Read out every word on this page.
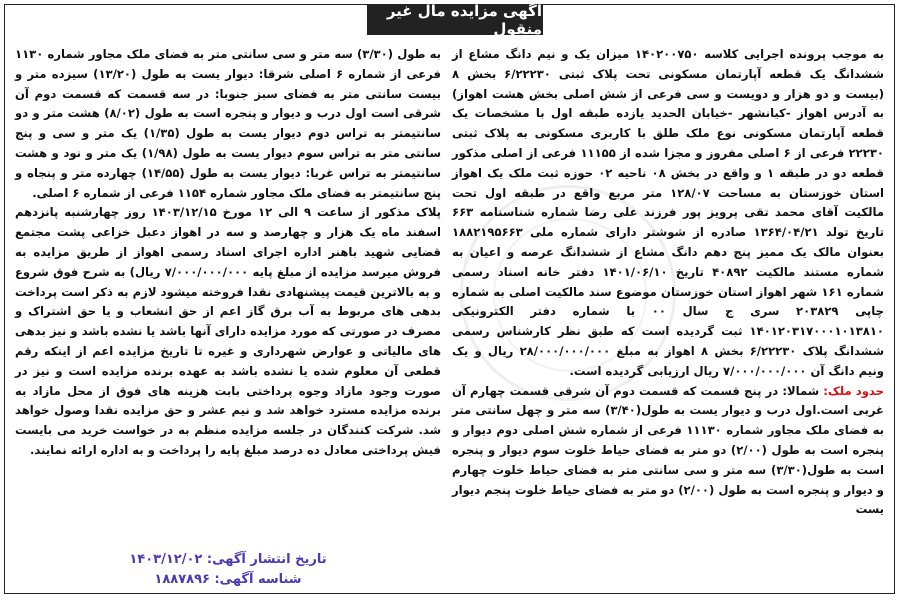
آگهی مزایده مال غیر منقول

به موجب پرونده اجرایی کلاسه ۱۴۰۲۰۰۷۵۰ میزان یک و نیم دانگ مشاع از ششدانگ یک قطعه آپارتمان مسکونی تحت پلاک ثبتی ۶/۲۲۲۳۰ بخش ۸ (بیست و دو هزار و دویست و سی فرعی از شش اصلی بخش هشت اهواز) به آدرس اهواز -کیانشهر -خیابان الحدید یازده طبقه اول با مشخصات یک قطعه آپارتمان مسکونی نوع ملک طلق با کاربری مسکونی به پلاک ثبتی ۲۲۲۳۰ فرعی از ۶ اصلی مفروز و مجزا شده از ۱۱۱۵۵ فرعی از اصلی مذکور قطعه دو در طبقه ۱ و واقع در بخش ۰۸ ناحیه ۰۲ حوزه ثبت ملک یک اهواز استان خوزستان به مساحت ۱۲۸/۰۷ متر مربع واقع در طبقه اول تحت مالکیت آقای محمد تقی پرویز پور فرزند علی رضا شماره شناسنامه ۶۶۳ تاریخ تولد ۱۳۶۴/۰۴/۲۱ صادره از شوشتر دارای شماره ملی ۱۸۸۲۱۹۵۶۶۳ بعنوان مالک یک ممیز پنج دهم دانگ مشاع از ششدانگ عرصه و اعیان به شماره مستند مالکیت ۴۰۸۹۲ تاریخ ۱۴۰۱/۰۶/۱۰ دفتر خانه اسناد رسمی شماره ۱۶۱ شهر اهواز استان خوزستان موضوع سند مالکیت اصلی به شماره چاپی ۲۰۳۸۲۹ سری ج سال ۰۰ با شماره دفتر الکترونیکی ۱۴۰۱۲۰۳۱۷۰۰۰۱۰۱۳۸۱۰ ثبت گردیده است که طبق نظر کارشناس رسمی ششدانگ پلاک ۶/۲۲۲۳۰ بخش ۸ اهواز به مبلغ ۲۸/۰۰۰/۰۰۰/۰۰۰ ریال و یک ونیم دانگ آن ۷/۰۰۰/۰۰۰/۰۰۰ ریال ارزیابی گردیده است.

حدود ملک: شمالا: در پنج قسمت که قسمت دوم آن شرقی قسمت چهارم آن غربی است.اول درب و دیوار یست به طول(۳/۴۰) سه متر و چهل سانتی متر به فضای ملک مجاور شماره ۱۱۱۳۰ فرعی از شماره شش اصلی دوم دیوار و پنجره است به طول (۲/۰۰) دو متر به فضای حیاط خلوت سوم دیوار و پنجره است به طول(۳/۳۰) سه متر و سی سانتی متر به فضای حیاط خلوت چهارم و دیوار و پنجره است به طول (۲/۰۰) دو متر به فضای حیاط خلوت پنجم دیوار یست

به طول (۳/۳۰) سه متر و سی سانتی متر به فضای ملک مجاور شماره ۱۱۳۰ فرعی از شماره ۶ اصلی شرقا: دیوار یست به طول (۱۳/۲۰) سیزده متر و بیست سانتی متر به فضای سبز جنوبا: در سه قسمت که قسمت دوم آن شرقی است اول درب و دیوار و پنجره است به طول (۸/۰۲) هشت متر و دو سانتیمتر به تراس دوم دیوار یست به طول (۱/۳۵) یک متر و سی و پنج سانتی متر به تراس سوم دیوار یست به طول (۱/۹۸) یک متر و نود و هشت سانتیمتر به تراس غربا: دیوار یست به طول (۱۴/۵۵) چهارده متر و پنجاه و پنج سانتیمتر به فضای ملک مجاور شماره ۱۱۵۴ فرعی از شماره ۶ اصلی.

پلاک مذکور از ساعت ۹ الی ۱۲ مورخ ۱۴۰۳/۱۲/۱۵ روز چهارشنبه پانزدهم اسفند ماه یک هزار و چهارصد و سه در اهواز دعبل خزاعی پشت مجتمع قضایی شهید باهنر اداره اجرای اسناد رسمی اهواز از طریق مزایده به فروش میرسد مزایده از مبلغ پایه ۷/۰۰۰/۰۰۰/۰۰۰ ریال) به شرح فوق شروع و به بالاترین قیمت پیشنهادی نقدا فروخته میشود لازم به ذکر است پرداخت بدهی های مربوط به آب برق گاز اعم از حق انشعاب و یا حق اشتراک و مصرف در صورتی که مورد مزایده دارای آنها باشد یا نشده باشد و نیز بدهی های مالیاتی و عوارض شهرداری و غیره تا تاریخ مزایده اعم از اینکه رقم قطعی آن معلوم شده یا نشده باشد به عهده برنده مزایده است و نیز در صورت وجود مازاد وجوه پرداختی بابت هزینه های فوق از محل مازاد به برنده مزایده مسترد خواهد شد و نیم عشر و حق مزایده نقدا وصول خواهد شد. شرکت کنندگان در جلسه مزایده منظم به در خواست خرید می بایست فیش پرداختی معادل ده درصد مبلغ پایه را پرداخت و به اداره ارائه نمایند.

تاریخ انتشار آگهی: ۱۴۰۳/۱۲/۰۲
شناسه آگهی: ۱۸۸۷۸۹۶
